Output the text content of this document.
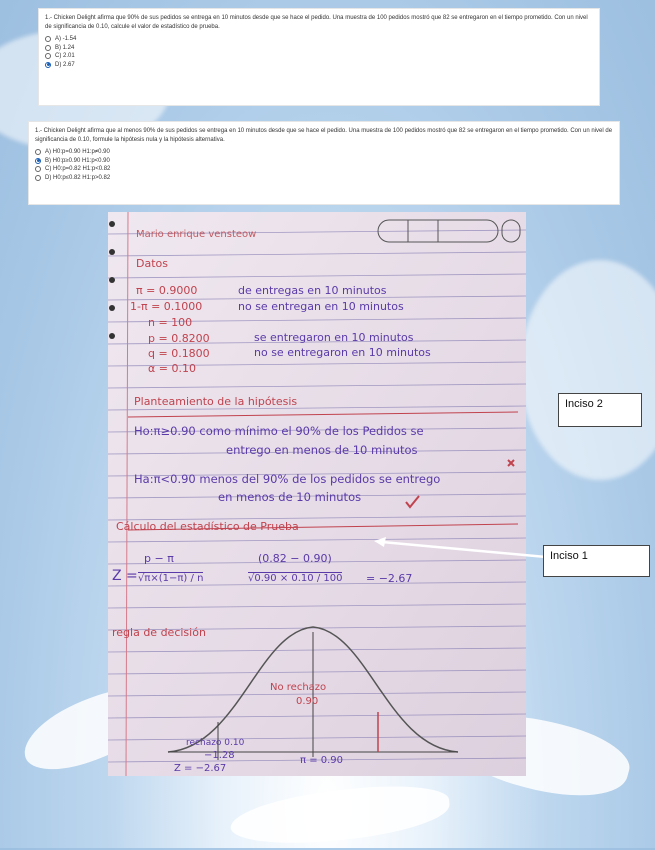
1.- Chicken Delight afirma que 90% de sus pedidos se entrega en 10 minutos desde que se hace el pedido. Una muestra de 100 pedidos mostró que 82 se entregaron en el tiempo prometido. Con un nivel de significancia de 0.10, calcule el valor de estadístico de prueba.
A) -1.54
B) 1.24
C) 2.01
D) 2.67
1.- Chicken Delight afirma que al menos 90% de sus pedidos se entrega en 10 minutos desde que se hace el pedido. Una muestra de 100 pedidos mostró que 82 se entregaron en el tiempo prometido. Con un nivel de significancia de 0.10, formule la hipótesis nula y la hipótesis alternativa.
A) H0:p=0.90 H1:p≠0.90
B) H0:p≥0.90 H1:p<0.90
C) H0:p=0.82 H1:p<0.82
D) H0:p≤0.82 H1:p>0.82
Mario enrique vensteow
Datos
π = 0.9000	de entregas en 10 minutos
1-π = 0.1000	no se entregan en 10 minutos
n = 100
p = 0.8200	se entregaron en 10 minutos
q = 0.1800	no se entregaron en 10 minutos
α = 0.10
Planteamiento de la hipótesis
Ho:π≥0.90 como mínimo el 90% de los Pedidos se
entrego en menos de 10 minutos
Ha:π<0.90 menos del 90% de los pedidos se entrego
en menos de 10 minutos
Cálculo del estadístico de Prueba
Z =
p − π
√π×(1−π) / n
(0.82 − 0.90)
√0.90 × 0.10 / 100 = −2.67
regla de decisión
No rechazo
0.90
rechazo 0.10
−1.28	π = 0.90
Z = −2.67
Inciso 2
Inciso 1
